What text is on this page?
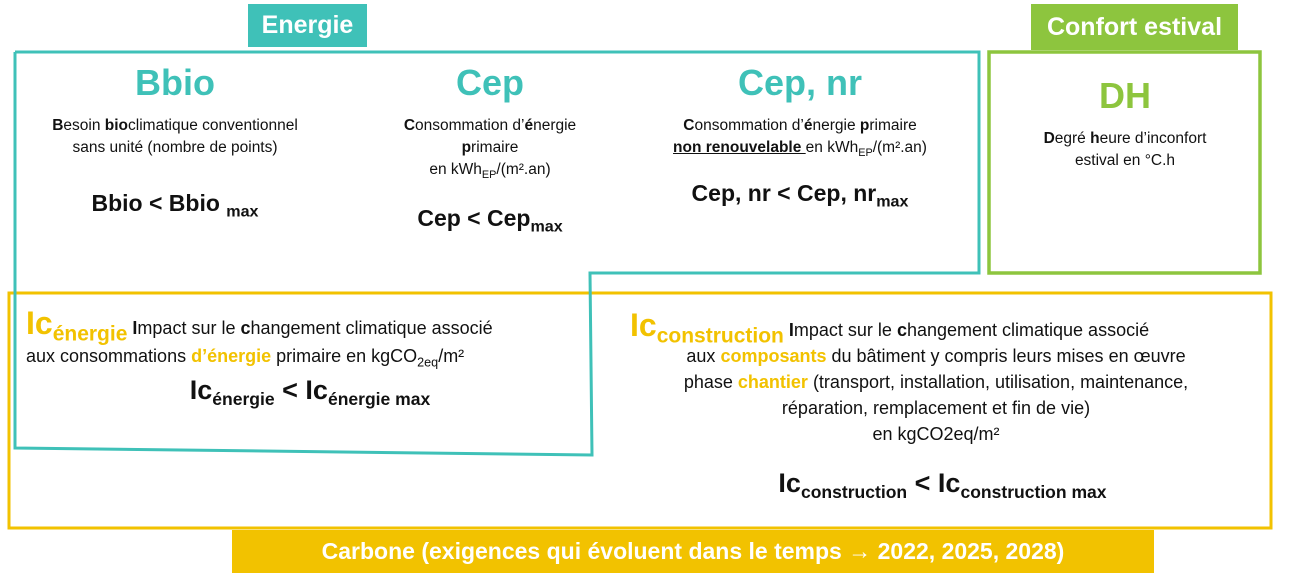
Energie	Confort estival
Carbone (exigences qui évoluent dans le temps → 2022, 2025, 2028)
Bbio
Besoin bioclimatique conventionnel
sans unité (nombre de points)
Bbio < Bbio $_{max}$
Cep
Consommation d’énergie
primaire
en kWh$_{EP}$/(m².an)
Cep < Cep$_{max}$
Cep, nr
Consommation d’énergie primaire
non renouvelable en kWh$_{EP}$/(m².an)
Cep, nr < Cep, $nr_{max}$
DH
Degré heure d’inconfort
estival en °C.h
$Ic_{énergie}$ Impact sur le changement climatique associé
aux consommations d’énergie primaire en kgCO$_{2eq}$/m²
$Ic_{énergie} < Ic_{énergie max}$
$Ic_{construction}$ Impact sur le changement climatique associé
aux composants du bâtiment y compris leurs mises en œuvre
phase chantier (transport, installation, utilisation, maintenance,
réparation, remplacement et fin de vie)
en kgCO2eq/m²
$Ic_{construction} < Ic_{construction max}$
